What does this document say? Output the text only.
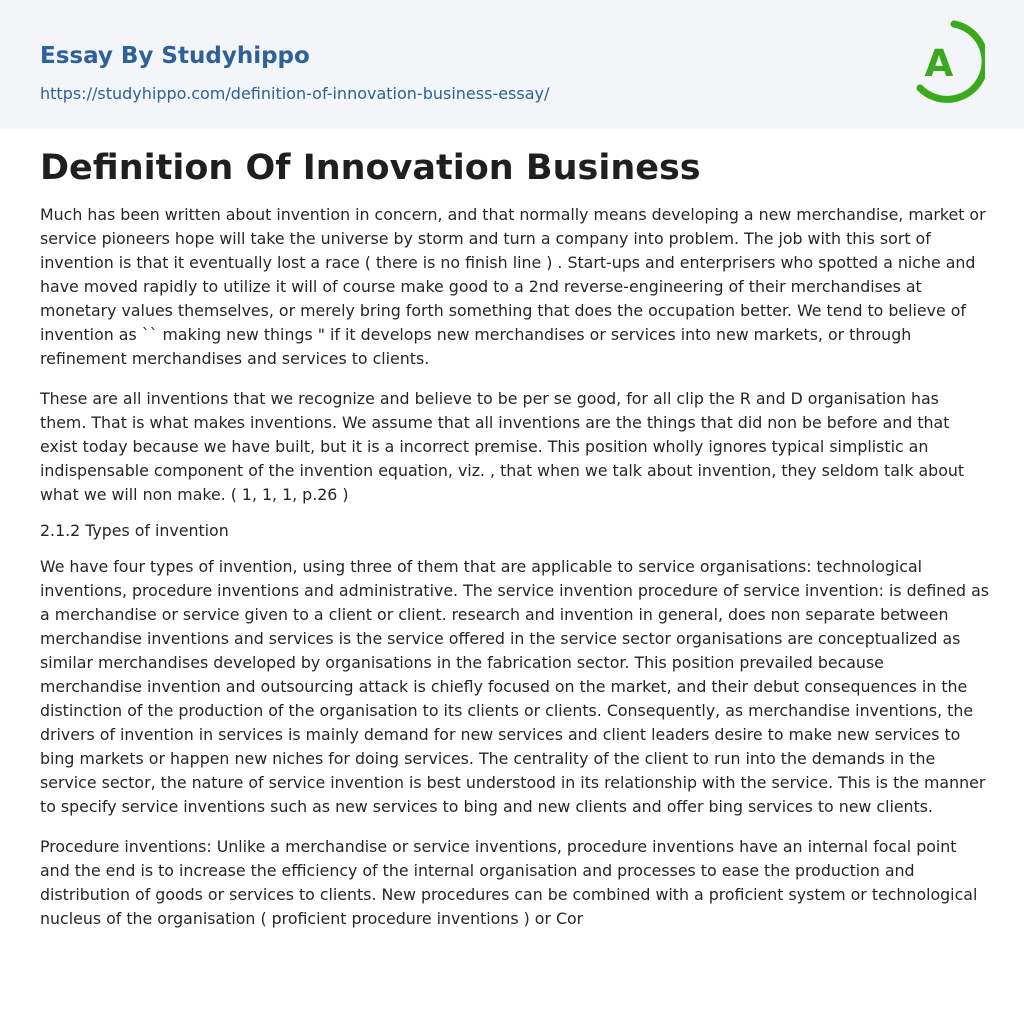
Essay By Studyhippo
https://studyhippo.com/definition-of-innovation-business-essay/
A
Definition Of Innovation Business

Much has been written about invention in concern, and that normally means developing a new merchandise, market or service pioneers hope will take the universe by storm and turn a company into problem. The job with this sort of invention is that it eventually lost a race ( there is no finish line ) . Start-ups and enterprisers who spotted a niche and have moved rapidly to utilize it will of course make good to a 2nd reverse-engineering of their merchandises at monetary values themselves, or merely bring forth something that does the occupation better. We tend to believe of invention as `` making new things " if it develops new merchandises or services into new markets, or through refinement merchandises and services to clients.

These are all inventions that we recognize and believe to be per se good, for all clip the R and D organisation has them. That is what makes inventions. We assume that all inventions are the things that did non be before and that exist today because we have built, but it is a incorrect premise. This position wholly ignores typical simplistic an indispensable component of the invention equation, viz. , that when we talk about invention, they seldom talk about what we will non make. ( 1, 1, 1, p.26 )

2.1.2 Types of invention

We have four types of invention, using three of them that are applicable to service organisations: technological inventions, procedure inventions and administrative. The service invention procedure of service invention: is defined as a merchandise or service given to a client or client. research and invention in general, does non separate between merchandise inventions and services is the service offered in the service sector organisations are conceptualized as similar merchandises developed by organisations in the fabrication sector. This position prevailed because merchandise invention and outsourcing attack is chiefly focused on the market, and their debut consequences in the distinction of the production of the organisation to its clients or clients. Consequently, as merchandise inventions, the drivers of invention in services is mainly demand for new services and client leaders desire to make new services to bing markets or happen new niches for doing services. The centrality of the client to run into the demands in the service sector, the nature of service invention is best understood in its relationship with the service. This is the manner to specify service inventions such as new services to bing and new clients and offer bing services to new clients.

Procedure inventions: Unlike a merchandise or service inventions, procedure inventions have an internal focal point and the end is to increase the efficiency of the internal organisation and processes to ease the production and distribution of goods or services to clients. New procedures can be combined with a proficient system or technological nucleus of the organisation ( proficient procedure inventions ) or Cor
